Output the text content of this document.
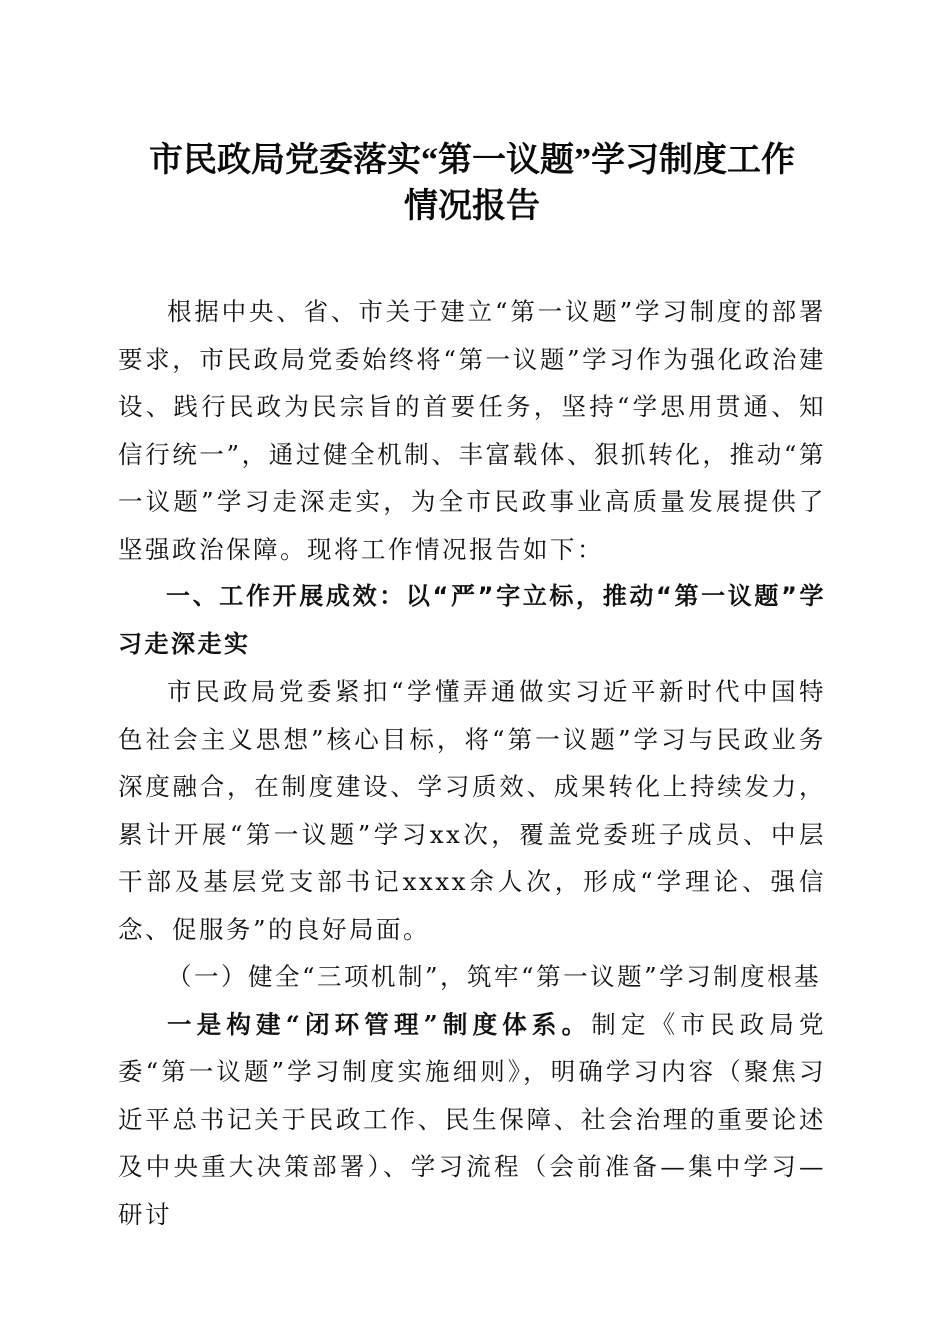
市民政局党委落实“第一议题”学习制度工作
情况报告

根据中央、省、市关于建立“第一议题”学习制度的部署要求，市民政局党委始终将“第一议题”学习作为强化政治建设、践行民政为民宗旨的首要任务，坚持“学思用贯通、知信行统一”，通过健全机制、丰富载体、狠抓转化，推动“第一议题”学习走深走实，为全市民政事业高质量发展提供了坚强政治保障。现将工作情况报告如下：

一、工作开展成效：以“严”字立标，推动“第一议题”学习走深走实

市民政局党委紧扣“学懂弄通做实习近平新时代中国特色社会主义思想”核心目标，将“第一议题”学习与民政业务深度融合，在制度建设、学习质效、成果转化上持续发力，累计开展“第一议题”学习xx次，覆盖党委班子成员、中层干部及基层党支部书记xxxx余人次，形成“学理论、强信念、促服务”的良好局面。

（一）健全“三项机制”，筑牢“第一议题”学习制度根基

一是构建“闭环管理”制度体系。制定《市民政局党委“第一议题”学习制度实施细则》，明确学习内容（聚焦习近平总书记关于民政工作、民生保障、社会治理的重要论述及中央重大决策部署）、学习流程（会前准备—集中学习—研讨
